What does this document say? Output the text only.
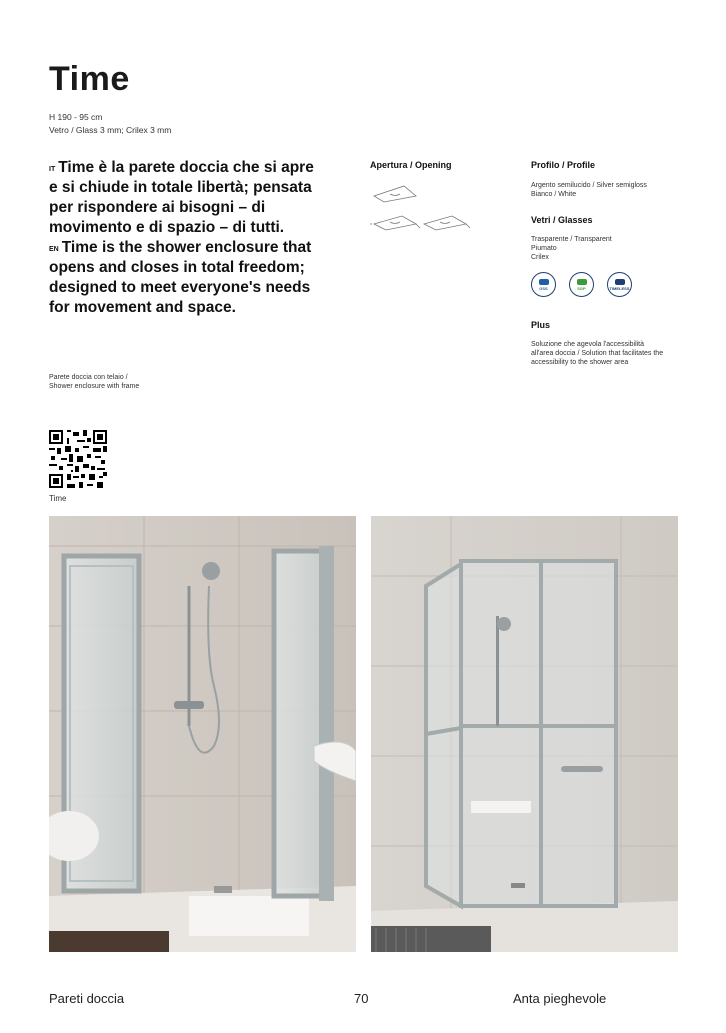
Time
H 190 - 95 cm
Vetro / Glass 3 mm; Crilex 3 mm
$^{IT}$ Time è la parete doccia che si apre e si chiude in totale libertà; pensata per rispondere ai bisogni – di movimento e di spazio – di tutti.
$^{EN}$ Time is the shower enclosure that opens and closes in total freedom; designed to meet everyone's needs for movement and space.
Parete doccia con telaio /
Shower enclosure with frame
Apertura / Opening	Profilo / Profile
Argento semilucido / Silver semigloss
Bianco / White
Vetri / Glasses
Trasparente / Transparent
Piumato
Crilex
GSS	SGP	TIMELESS
Plus
Soluzione che agevola l'accessibilità
all'area doccia / Solution that facilitates the
accessibility to the shower area
Time
Pareti doccia	70	Anta pieghevole
